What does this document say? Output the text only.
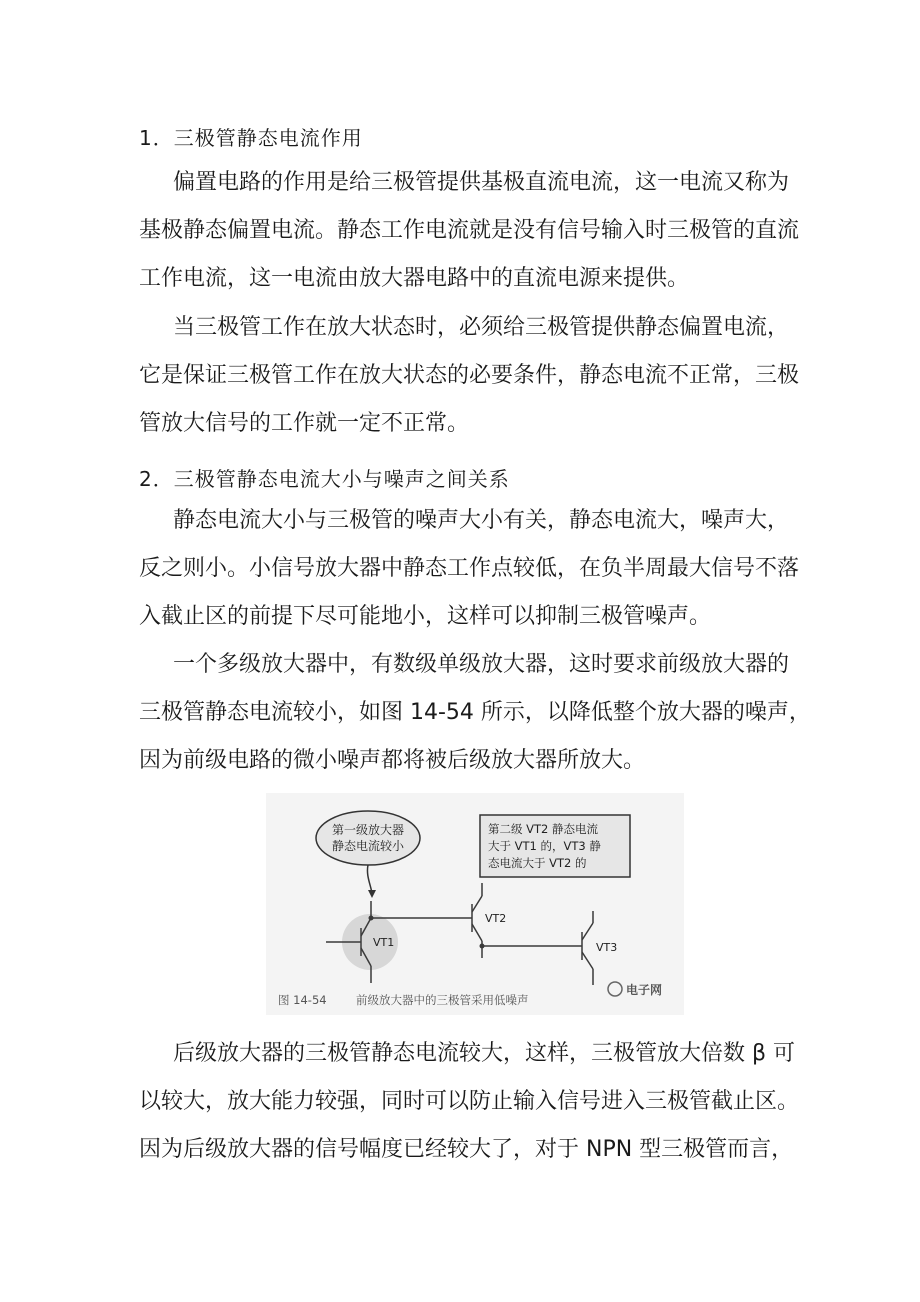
1．三极管静态电流作用
偏置电路的作用是给三极管提供基极直流电流，这一电流又称为
基极静态偏置电流。静态工作电流就是没有信号输入时三极管的直流
工作电流，这一电流由放大器电路中的直流电源来提供。
当三极管工作在放大状态时，必须给三极管提供静态偏置电流，
它是保证三极管工作在放大状态的必要条件，静态电流不正常，三极
管放大信号的工作就一定不正常。
2．三极管静态电流大小与噪声之间关系
静态电流大小与三极管的噪声大小有关，静态电流大，噪声大，
反之则小。小信号放大器中静态工作点较低，在负半周最大信号不落
入截止区的前提下尽可能地小，这样可以抑制三极管噪声。
一个多级放大器中，有数级单级放大器，这时要求前级放大器的
三极管静态电流较小，如图 14-54 所示，以降低整个放大器的噪声，
因为前级电路的微小噪声都将被后级放大器所放大。
第一级放大器
静态电流较小
第二级 VT2 静态电流
大于 VT1 的，VT3 静
态电流大于 VT2 的
VT1
VT2
VT3
图 14-54	前级放大器中的三极管采用低噪声
电子网
后级放大器的三极管静态电流较大，这样，三极管放大倍数 β 可
以较大，放大能力较强，同时可以防止输入信号进入三极管截止区。
因为后级放大器的信号幅度已经较大了，对于 NPN 型三极管而言，
